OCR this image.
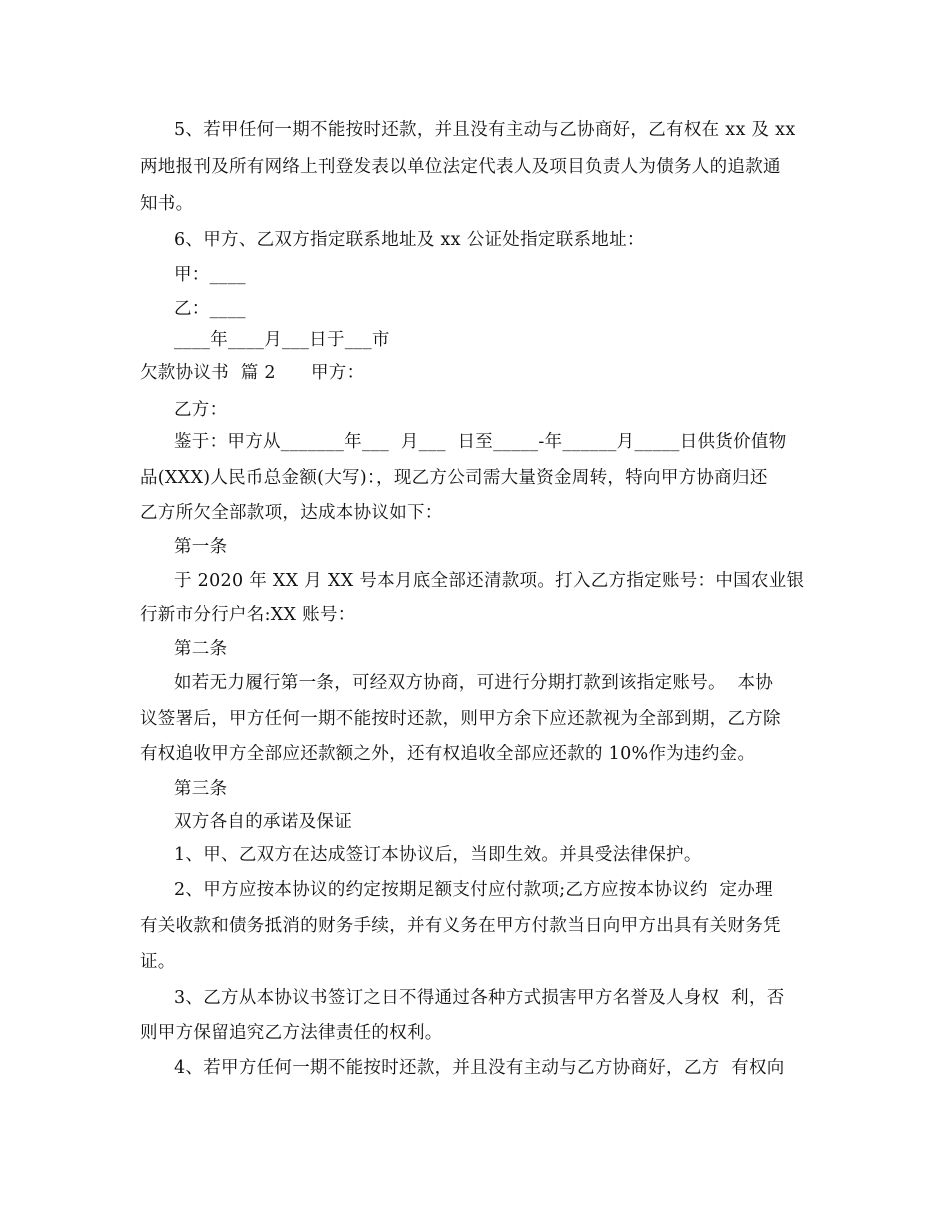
5、若甲任何一期不能按时还款，并且没有主动与乙协商好，乙有权在 xx 及 xx
两地报刊及所有网络上刊登发表以单位法定代表人及项目负责人为债务人的追款通
知书。
6、甲方、乙双方指定联系地址及 xx 公证处指定联系地址：
甲：____
乙：____
____年____月___日于___市
欠款协议书  篇 2      甲方：
乙方：
鉴于：甲方从_______年___  月___  日至_____-年______月_____日供货价值物
品(XXX)人民币总金额(大写)：，现乙方公司需大量资金周转，特向甲方协商归还
乙方所欠全部款项，达成本协议如下：
第一条
于 2020 年 XX 月 XX 号本月底全部还清款项。打入乙方指定账号：中国农业银
行新市分行户名:XX 账号：
第二条
如若无力履行第一条，可经双方协商，可进行分期打款到该指定账号。  本协
议签署后，甲方任何一期不能按时还款，则甲方余下应还款视为全部到期，乙方除
有权追收甲方全部应还款额之外，还有权追收全部应还款的 10%作为违约金。
第三条
双方各自的承诺及保证
1、甲、乙双方在达成签订本协议后，当即生效。并具受法律保护。
2、甲方应按本协议的约定按期足额支付应付款项;乙方应按本协议约  定办理
有关收款和债务抵消的财务手续，并有义务在甲方付款当日向甲方出具有关财务凭
证。
3、乙方从本协议书签订之日不得通过各种方式损害甲方名誉及人身权  利，否
则甲方保留追究乙方法律责任的权利。
4、若甲方任何一期不能按时还款，并且没有主动与乙方协商好，乙方  有权向
